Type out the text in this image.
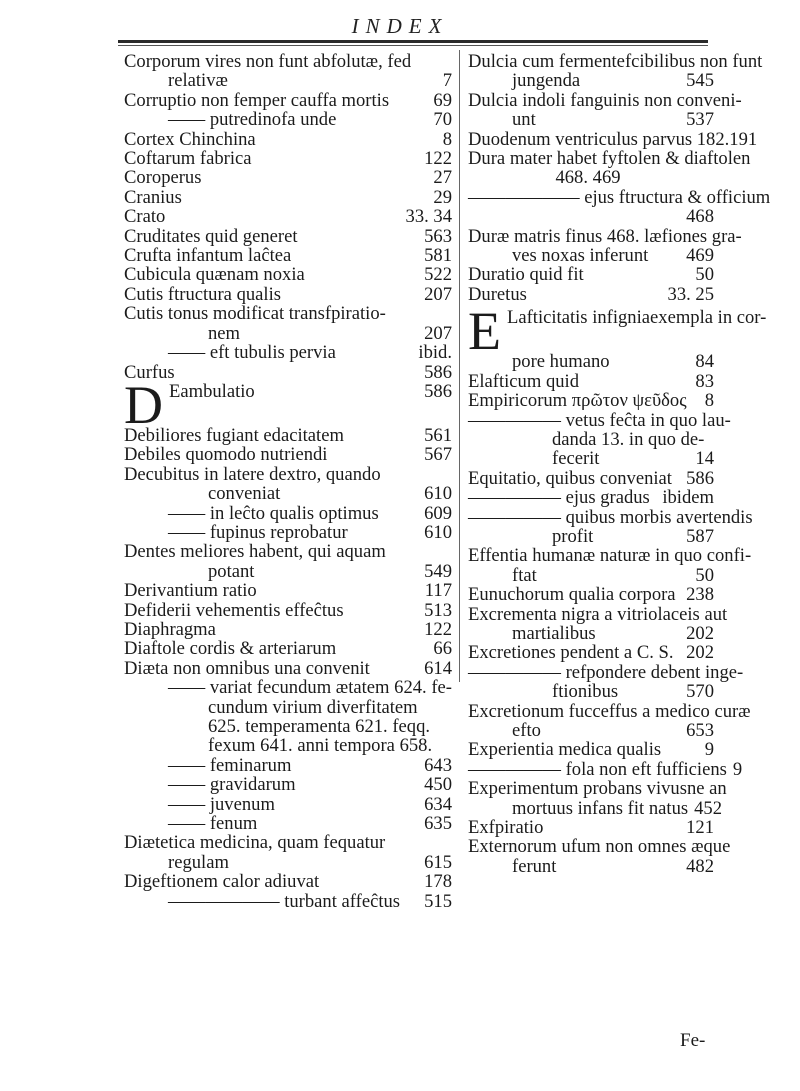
INDEX
Corporum vires non funt abfolutæ, fed
relativæ	7
Corruptio non femper cauffa mortis	69
—— putredinofa unde	70
Cortex Chinchina	8
Coftarum fabrica	122
Coroperus	27
Cranius	29
Crato	33. 34
Cruditates quid generet	563
Crufta infantum laĉtea	581
Cubicula quænam noxia	522
Cutis ftructura qualis	207
Cutis tonus modificat transfpiratio-
nem	207
—— eft tubulis pervia	ibid.
Curfus	586
D Eambulatio	586
Debiliores fugiant edacitatem	561
Debiles quomodo nutriendi	567
Decubitus in latere dextro, quando
conveniat	610
—— in leĉto qualis optimus	609
—— fupinus reprobatur	610
Dentes meliores habent, qui aquam
potant	549
Derivantium ratio	117
Defiderii vehementis effeĉtus	513
Diaphragma	122
Diaftole cordis & arteriarum	66
Diæta non omnibus una convenit	614
—— variat fecundum ætatem 624. fe-
cundum virium diverfitatem
625. temperamenta 621. feqq.
fexum 641. anni tempora 658.
—— feminarum	643
—— gravidarum	450
—— juvenum	634
—— fenum	635
Diætetica medicina, quam fequatur
regulam	615
Digeftionem calor adiuvat	178
—————— turbant affeĉtus	515
Dulcia cum fermentefcibilibus non funt
jungenda	545
Dulcia indoli fanguinis non conveni-
unt	537
Duodenum ventriculus parvus 182.191
Dura mater habet fyftolen & diaftolen
468. 469
—————— ejus ftructura & officium
468
Duræ matris finus 468. læfiones gra-
ves noxas inferunt	469
Duratio quid fit	50
Duretus	33. 25
E Lafticitatis infigniaexempla in cor-
pore humano	84
Elafticum quid	83
Empiricorum πρῶτον ψεῦδος 8
————— vetus feĉta in quo lau-
danda 13. in quo de-
fecerit	14
Equitatio, quibus conveniat 586
————— ejus gradus ibidem
————— quibus morbis avertendis
profit	587
Effentia humanæ naturæ in quo confi-
ftat	50
Eunuchorum qualia corpora 238
Excrementa nigra a vitriolaceis aut
martialibus	202
Excretiones pendent a C. S. 202
————— refpondere debent inge-
ftionibus	570
Excretionum fucceffus a medico curæ
efto	653
Experientia medica qualis	9
————— fola non eft fufficiens 9
Experimentum probans vivusne an
mortuus infans fit natus 452
Exfpiratio	121
Externorum ufum non omnes æque
ferunt	482
Fe-
